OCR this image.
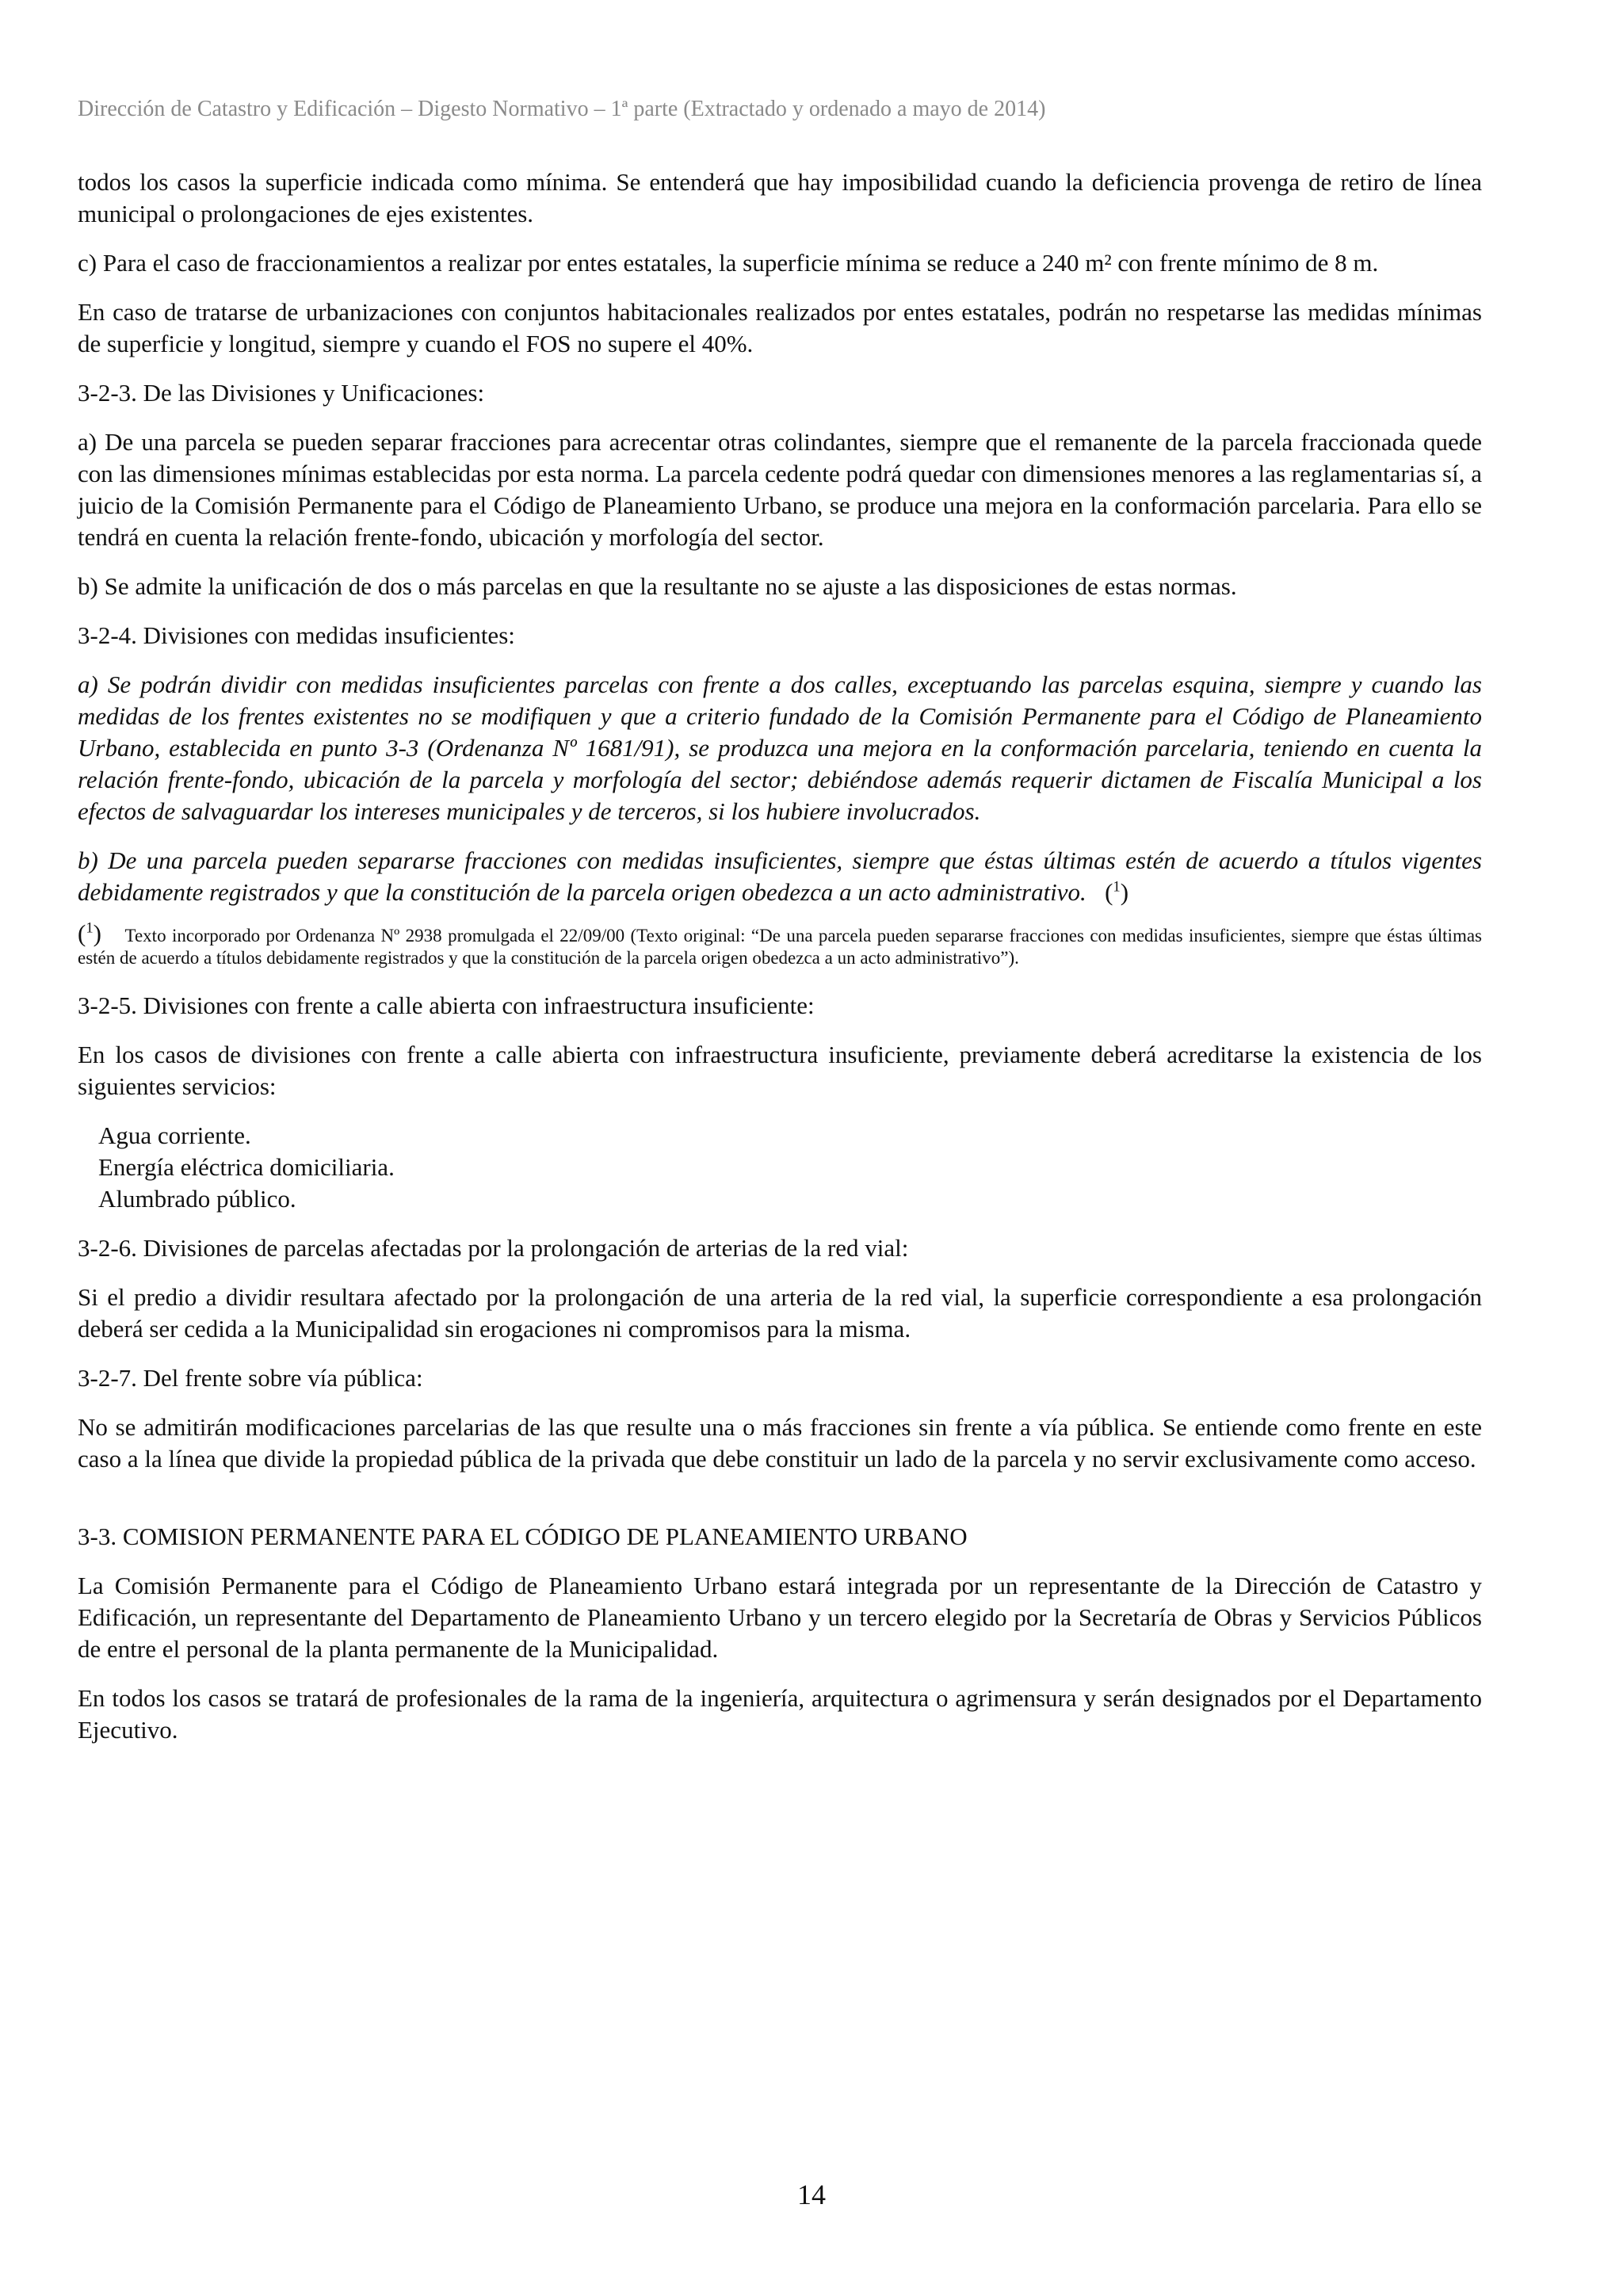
Dirección de Catastro y Edificación – Digesto Normativo – 1ª parte (Extractado y ordenado a mayo de 2014)

todos los casos la superficie indicada como mínima. Se entenderá que hay imposibilidad cuando la deficiencia provenga de retiro de línea municipal o prolongaciones de ejes existentes.

c) Para el caso de fraccionamientos a realizar por entes estatales, la superficie mínima se reduce a 240 m² con frente mínimo de 8 m.

En caso de tratarse de urbanizaciones con conjuntos habitacionales realizados por entes estatales, podrán no respetarse las medidas mínimas de superficie y longitud, siempre y cuando el FOS no supere el 40%.

3-2-3. De las Divisiones y Unificaciones:

a) De una parcela se pueden separar fracciones para acrecentar otras colindantes, siempre que el remanente de la parcela fraccionada quede con las dimensiones mínimas establecidas por esta norma. La parcela cedente podrá quedar con dimensiones menores a las reglamentarias sí, a juicio de la Comisión Permanente para el Código de Planeamiento Urbano, se produce una mejora en la conformación parcelaria. Para ello se tendrá en cuenta la relación frente-fondo, ubicación y morfología del sector.

b) Se admite la unificación de dos o más parcelas en que la resultante no se ajuste a las disposiciones de estas normas.

3-2-4. Divisiones con medidas insuficientes:

a) Se podrán dividir con medidas insuficientes parcelas con frente a dos calles, exceptuando las parcelas esquina, siempre y cuando las medidas de los frentes existentes no se modifiquen y que a criterio fundado de la Comisión Permanente para el Código de Planeamiento Urbano, establecida en punto 3-3 (Ordenanza Nº 1681/91), se produzca una mejora en la conformación parcelaria, teniendo en cuenta la relación frente-fondo, ubicación de la parcela y morfología del sector; debiéndose además requerir dictamen de Fiscalía Municipal a los efectos de salvaguardar los intereses municipales y de terceros, si los hubiere involucrados.

b) De una parcela pueden separarse fracciones con medidas insuficientes, siempre que éstas últimas estén de acuerdo a títulos vigentes debidamente registrados y que la constitución de la parcela origen obedezca a un acto administrativo. ($^1$)

($^1$) Texto incorporado por Ordenanza Nº 2938 promulgada el 22/09/00 (Texto original: “De una parcela pueden separarse fracciones con medidas insuficientes, siempre que éstas últimas estén de acuerdo a títulos debidamente registrados y que la constitución de la parcela origen obedezca a un acto administrativo”).

3-2-5. Divisiones con frente a calle abierta con infraestructura insuficiente:

En los casos de divisiones con frente a calle abierta con infraestructura insuficiente, previamente deberá acreditarse la existencia de los siguientes servicios:

Agua corriente.
Energía eléctrica domiciliaria.
Alumbrado público.

3-2-6. Divisiones de parcelas afectadas por la prolongación de arterias de la red vial:

Si el predio a dividir resultara afectado por la prolongación de una arteria de la red vial, la superficie correspondiente a esa prolongación deberá ser cedida a la Municipalidad sin erogaciones ni compromisos para la misma.

3-2-7. Del frente sobre vía pública:

No se admitirán modificaciones parcelarias de las que resulte una o más fracciones sin frente a vía pública. Se entiende como frente en este caso a la línea que divide la propiedad pública de la privada que debe constituir un lado de la parcela y no servir exclusivamente como acceso.

3-3. COMISION PERMANENTE PARA EL CÓDIGO DE PLANEAMIENTO URBANO

La Comisión Permanente para el Código de Planeamiento Urbano estará integrada por un representante de la Dirección de Catastro y Edificación, un representante del Departamento de Planeamiento Urbano y un tercero elegido por la Secretaría de Obras y Servicios Públicos de entre el personal de la planta permanente de la Municipalidad.

En todos los casos se tratará de profesionales de la rama de la ingeniería, arquitectura o agrimensura y serán designados por el Departamento Ejecutivo.

14
